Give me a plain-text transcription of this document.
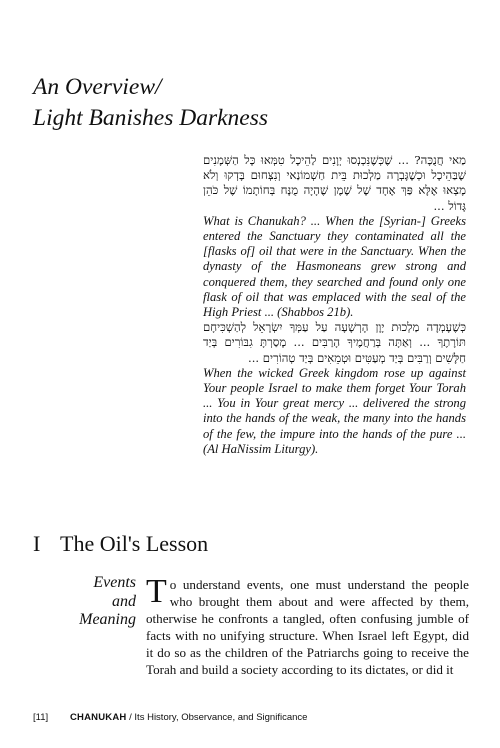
An Overview/
Light Banishes Darkness

מַאי חֲנֻכָּה? ... שֶׁכְּשֶׁנִּכְנְסוּ יְוָנִים לַהֵיכָל טִמְּאוּ כָּל הַשְּׁמָנִים שֶׁבַּהֵיכָל וּכְשֶׁגָּבְרָה מַלְכוּת בֵּית חַשְׁמוֹנַאי וְנִצְּחוּם בָּדְקוּ וְלֹא מָצְאוּ אֶלָּא פַּךְ אֶחָד שֶׁל שֶׁמֶן שֶׁהָיָה מֻנָּח בְּחוֹתָמוֹ שֶׁל כֹּהֵן גָּדוֹל ...

What is Chanukah? ... When the [Syrian-] Greeks entered the Sanctuary they contaminated all the [flasks of] oil that were in the Sanctuary. When the dynasty of the Hasmoneans grew strong and conquered them, they searched and found only one flask of oil that was emplaced with the seal of the High Priest ... (Shabbos 21b).

כְּשֶׁעָמְדָה מַלְכוּת יָוָן הָרְשָׁעָה עַל עַמְּךָ יִשְׂרָאֵל לְהַשְׁכִּיחָם תּוֹרָתֶךָ ... וְאַתָּה בְּרַחֲמֶיךָ הָרַבִּים ... מָסַרְתָּ גִבּוֹרִים בְּיַד חַלָּשִׁים וְרַבִּים בְּיַד מְעַטִּים וּטְמֵאִים בְּיַד טְהוֹרִים ...

When the wicked Greek kingdom rose up against Your people Israel to make them forget Your Torah ... You in Your great mercy ... delivered the strong into the hands of the weak, the many into the hands of the few, the impure into the hands of the pure ... (Al HaNissim Liturgy).

I The Oil's Lesson
Events
and
Meaning

To understand events, one must understand the people who brought them about and were affected by them, otherwise he confronts a tangled, often confusing jumble of facts with no unifying structure. When Israel left Egypt, did it do so as the children of the Patriarchs going to receive the Torah and build a society according to its dictates, or did it

[11] CHANUKAH / Its History, Observance, and Significance
